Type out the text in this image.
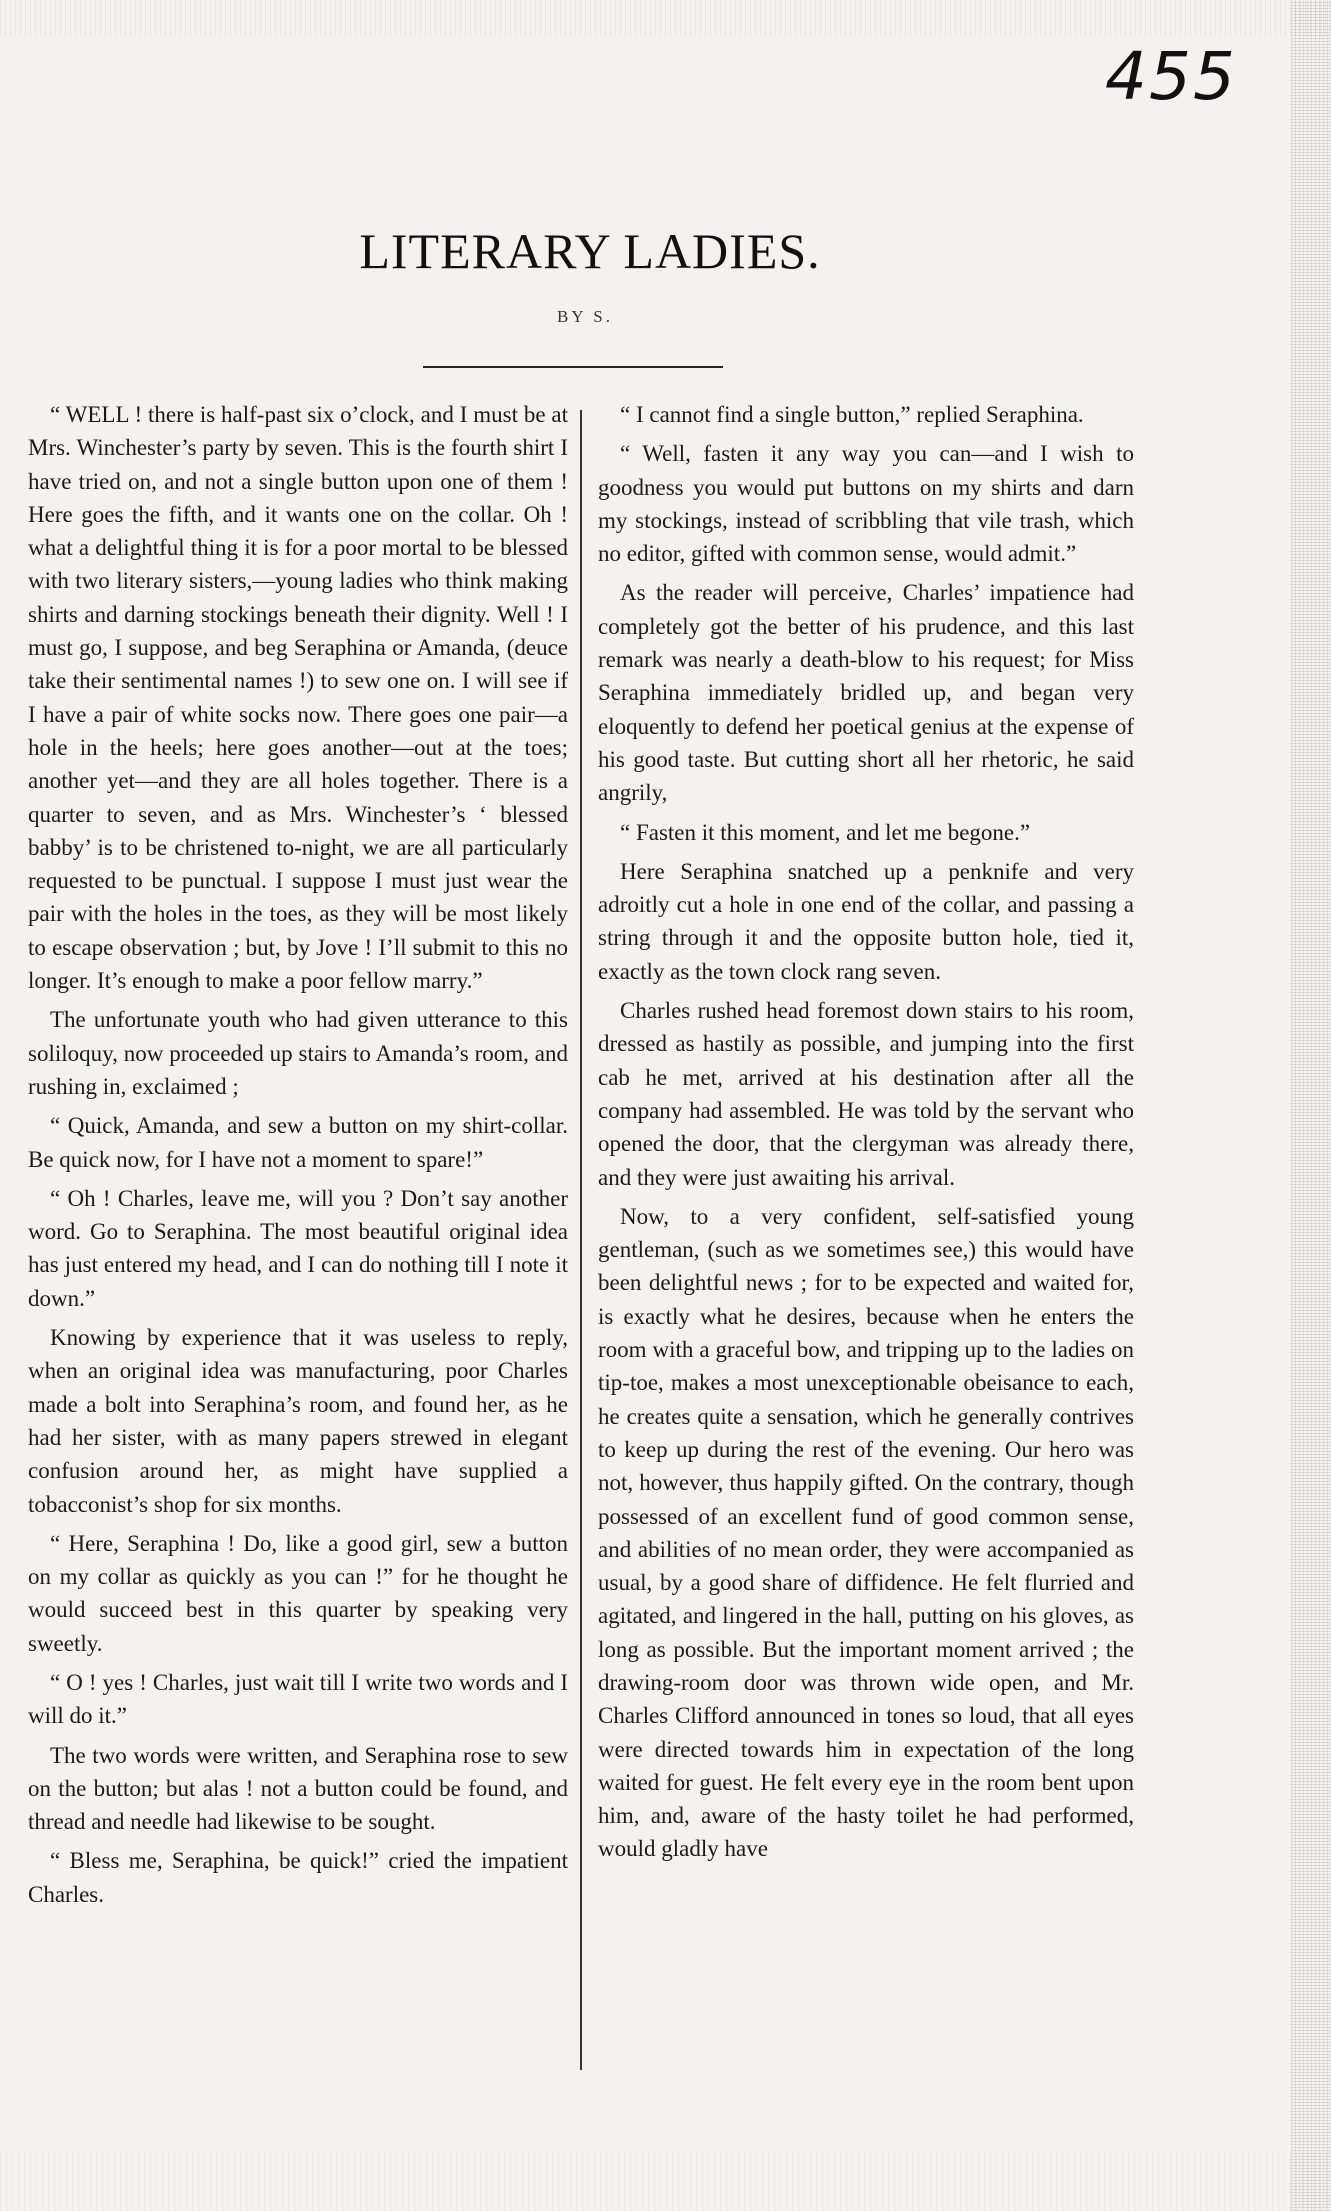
455
LITERARY LADIES.
BY S.

“ WELL ! there is half-past six o’clock, and I must be at Mrs. Winchester’s party by seven. This is the fourth shirt I have tried on, and not a single button upon one of them ! Here goes the fifth, and it wants one on the collar. Oh ! what a delightful thing it is for a poor mortal to be blessed with two literary sisters,—young ladies who think making shirts and darning stockings beneath their dignity. Well ! I must go, I suppose, and beg Seraphina or Amanda, (deuce take their sentimental names !) to sew one on. I will see if I have a pair of white socks now. There goes one pair—a hole in the heels; here goes another—out at the toes; another yet—and they are all holes together. There is a quarter to seven, and as Mrs. Winchester’s ‘ blessed babby’ is to be christened to-night, we are all particularly requested to be punctual. I suppose I must just wear the pair with the holes in the toes, as they will be most likely to escape observation ; but, by Jove ! I’ll submit to this no longer. It’s enough to make a poor fellow marry.”

The unfortunate youth who had given utterance to this soliloquy, now proceeded up stairs to Amanda’s room, and rushing in, exclaimed ;

“ Quick, Amanda, and sew a button on my shirt-collar. Be quick now, for I have not a moment to spare!”

“ Oh ! Charles, leave me, will you ? Don’t say another word. Go to Seraphina. The most beautiful original idea has just entered my head, and I can do nothing till I note it down.”

Knowing by experience that it was useless to reply, when an original idea was manufacturing, poor Charles made a bolt into Seraphina’s room, and found her, as he had her sister, with as many papers strewed in elegant confusion around her, as might have supplied a tobacconist’s shop for six months.

“ Here, Seraphina ! Do, like a good girl, sew a button on my collar as quickly as you can !” for he thought he would succeed best in this quarter by speaking very sweetly.

“ O ! yes ! Charles, just wait till I write two words and I will do it.”

The two words were written, and Seraphina rose to sew on the button; but alas ! not a button could be found, and thread and needle had likewise to be sought.

“ Bless me, Seraphina, be quick!” cried the impatient Charles.

“ I cannot find a single button,” replied Seraphina.

“ Well, fasten it any way you can—and I wish to goodness you would put buttons on my shirts and darn my stockings, instead of scribbling that vile trash, which no editor, gifted with common sense, would admit.”

As the reader will perceive, Charles’ impatience had completely got the better of his prudence, and this last remark was nearly a death-blow to his request; for Miss Seraphina immediately bridled up, and began very eloquently to defend her poetical genius at the expense of his good taste. But cutting short all her rhetoric, he said angrily,

“ Fasten it this moment, and let me begone.”

Here Seraphina snatched up a penknife and very adroitly cut a hole in one end of the collar, and passing a string through it and the opposite button hole, tied it, exactly as the town clock rang seven.

Charles rushed head foremost down stairs to his room, dressed as hastily as possible, and jumping into the first cab he met, arrived at his destination after all the company had assembled. He was told by the servant who opened the door, that the clergyman was already there, and they were just awaiting his arrival.

Now, to a very confident, self-satisfied young gentleman, (such as we sometimes see,) this would have been delightful news ; for to be expected and waited for, is exactly what he desires, because when he enters the room with a graceful bow, and tripping up to the ladies on tip-toe, makes a most unexceptionable obeisance to each, he creates quite a sensation, which he generally contrives to keep up during the rest of the evening. Our hero was not, however, thus happily gifted. On the contrary, though possessed of an excellent fund of good common sense, and abilities of no mean order, they were accompanied as usual, by a good share of diffidence. He felt flurried and agitated, and lingered in the hall, putting on his gloves, as long as possible. But the important moment arrived ; the drawing-room door was thrown wide open, and Mr. Charles Clifford announced in tones so loud, that all eyes were directed towards him in expectation of the long waited for guest. He felt every eye in the room bent upon him, and, aware of the hasty toilet he had performed, would gladly have
